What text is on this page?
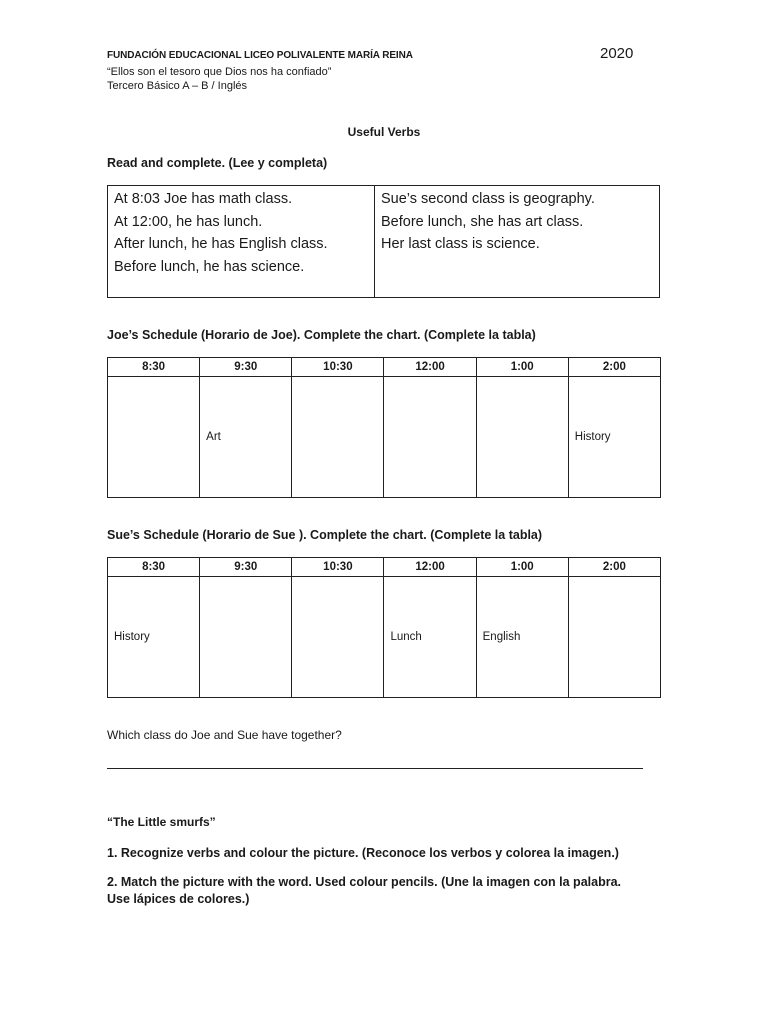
FUNDACIÓN EDUCACIONAL LICEO POLIVALENTE MARÍA REINA	2020
“Ellos son el tesoro que Dios nos ha confiado”
Tercero Básico A – B / Inglés
Useful Verbs
Read and complete. (Lee y completa)
At 8:03 Joe has math class.
At 12:00, he has lunch.
After lunch, he has English class.
Before lunch, he has science.
Sue’s second class is geography.
Before lunch, she has art class.
Her last class is science.
Joe’s Schedule (Horario de Joe). Complete the chart. (Complete la tabla)
8:30	9:30	10:30	12:00	1:00	2:00
	Art				History
Sue’s Schedule (Horario de Sue ). Complete the chart. (Complete la tabla)
8:30	9:30	10:30	12:00	1:00	2:00
History			Lunch	English	
Which class do Joe and Sue have together?
“The Little smurfs”
1. Recognize verbs and colour the picture. (Reconoce los verbos y colorea la imagen.)
2. Match the picture with the word. Used colour pencils. (Une la imagen con la palabra. Use lápices de colores.)
